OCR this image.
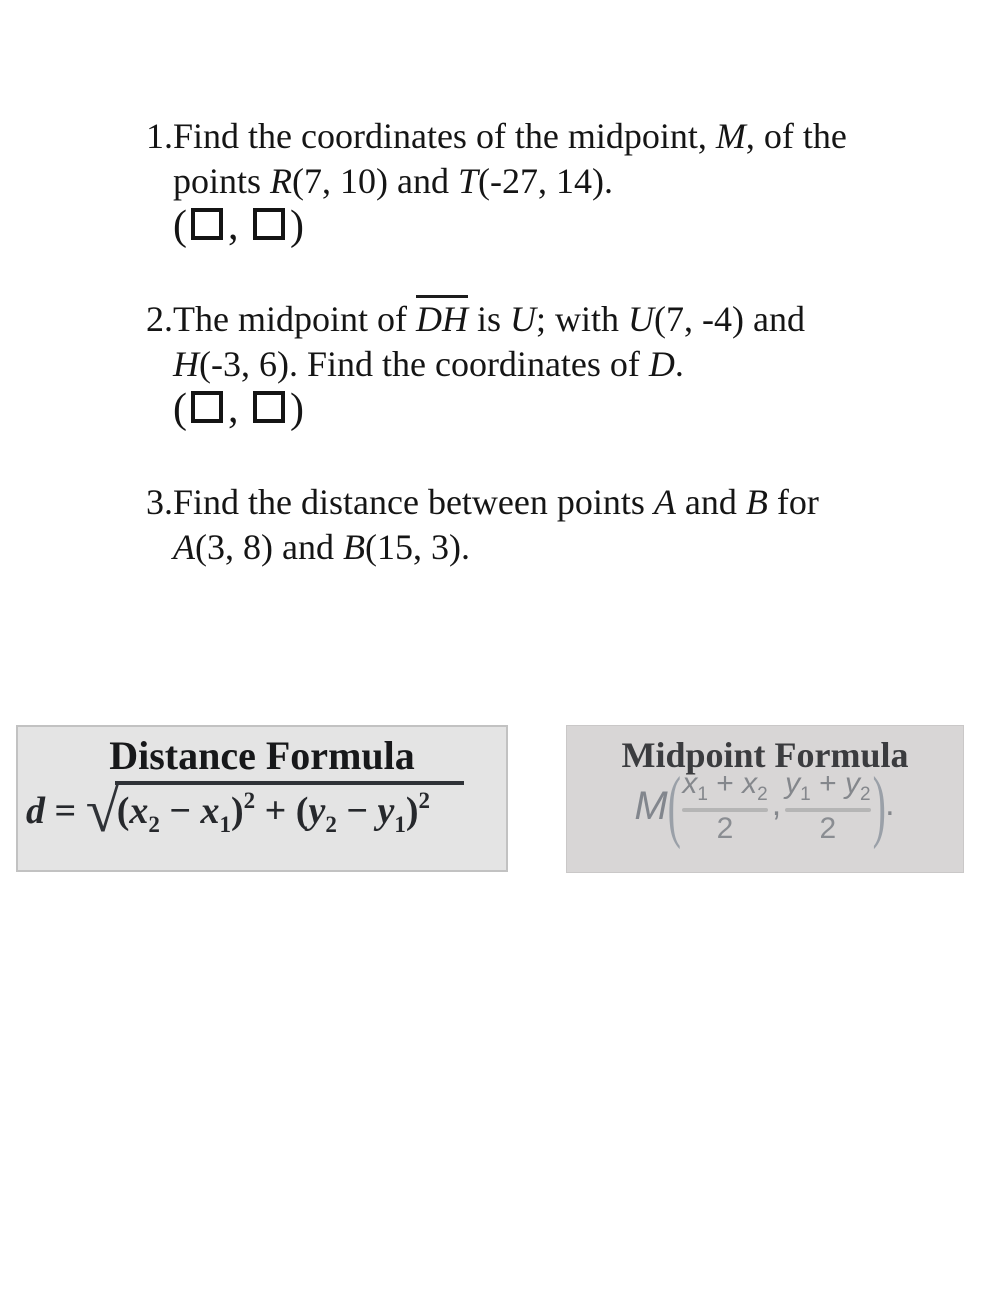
1.Find the coordinates of the midpoint, M, of the
points R(7, 10) and T(-27, 14).
( , )
2.The midpoint of DH is U; with U(7, -4) and
H(-3, 6). Find the coordinates of D.
( , )
3.Find the distance between points A and B for
A(3, 8) and B(15, 3).
Distance Formula
$d = √(x_2 - x_1)^2 + (y_2 - y_1)^2$
Midpoint Formula
M ( $\frac{x_1 + x_2}{2}$ , $\frac{y_1 + y_2}{2}$ ) .
